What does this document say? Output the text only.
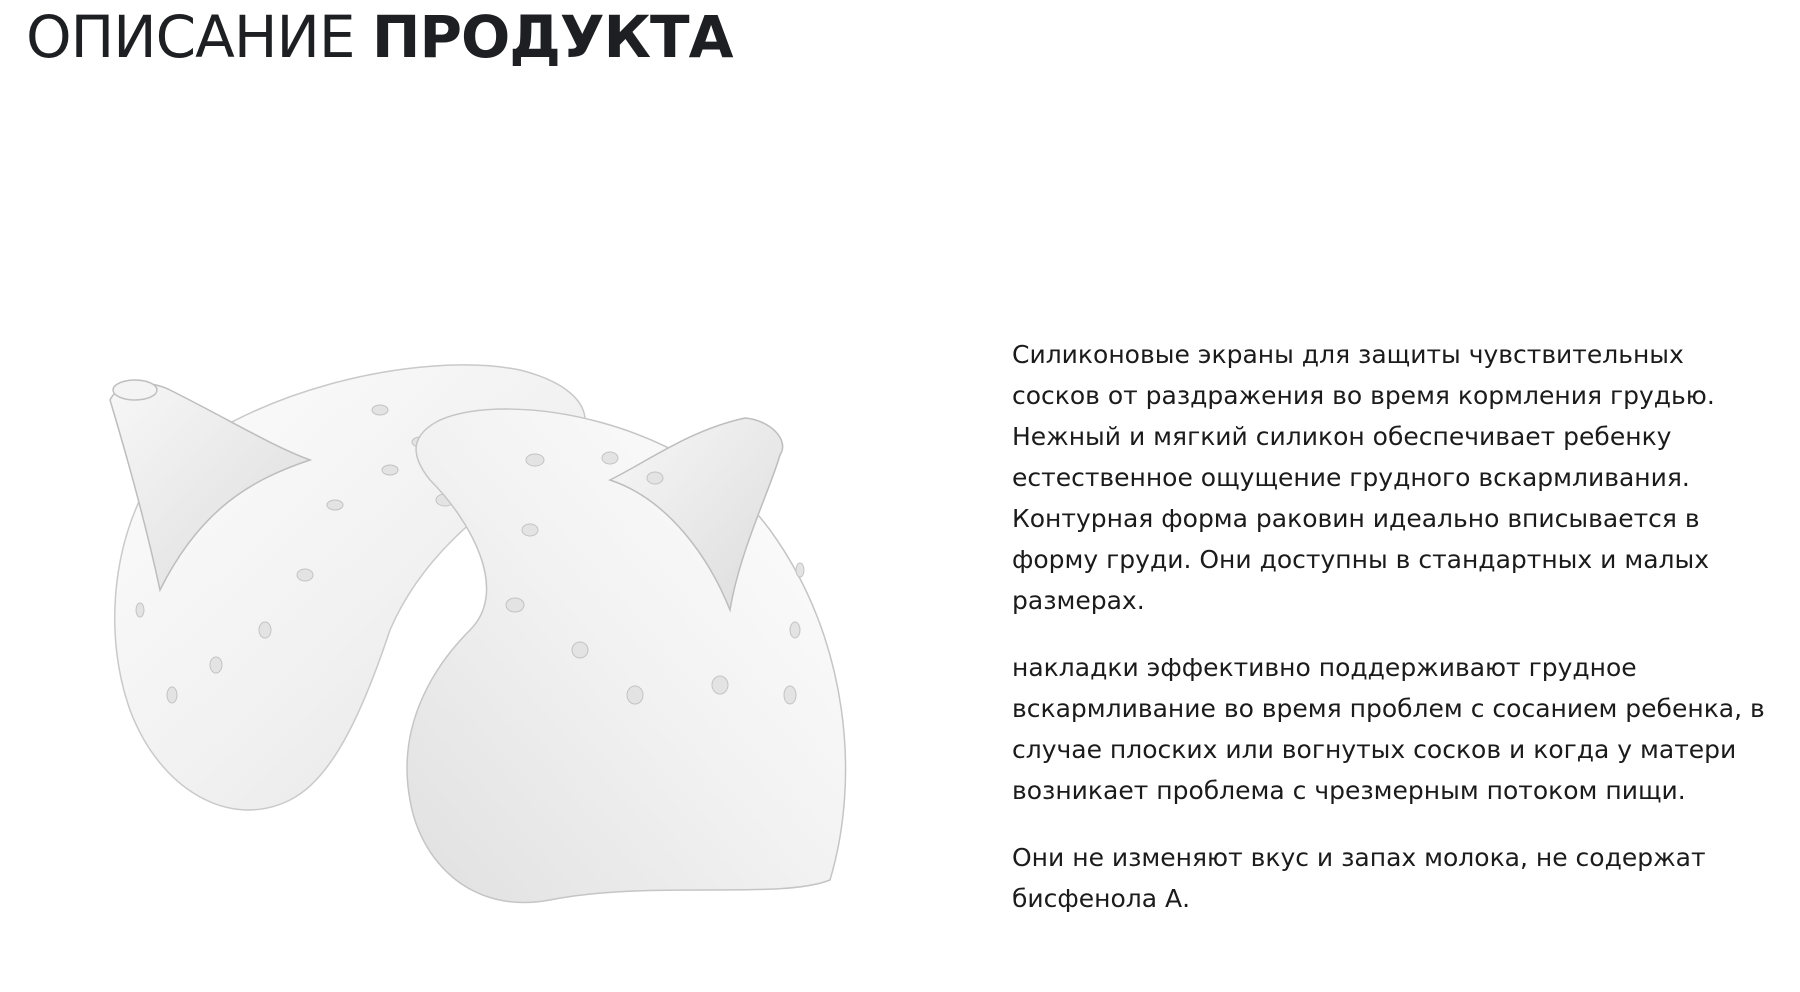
ОПИСАНИЕ ПРОДУКТА

Силиконовые экраны для защиты чувствительных сосков от раздражения во время кормления грудью. Нежный и мягкий силикон обеспечивает ребенку естественное ощущение грудного вскармливания.
Контурная форма раковин идеально вписывается в форму груди. Они доступны в стандартных и малых размерах.

накладки эффективно поддерживают грудное вскармливание во время проблем с сосанием ребенка, в случае плоских или вогнутых сосков и когда у матери возникает проблема с чрезмерным потоком пищи.

Они не изменяют вкус и запах молока, не содержат бисфенола А.
